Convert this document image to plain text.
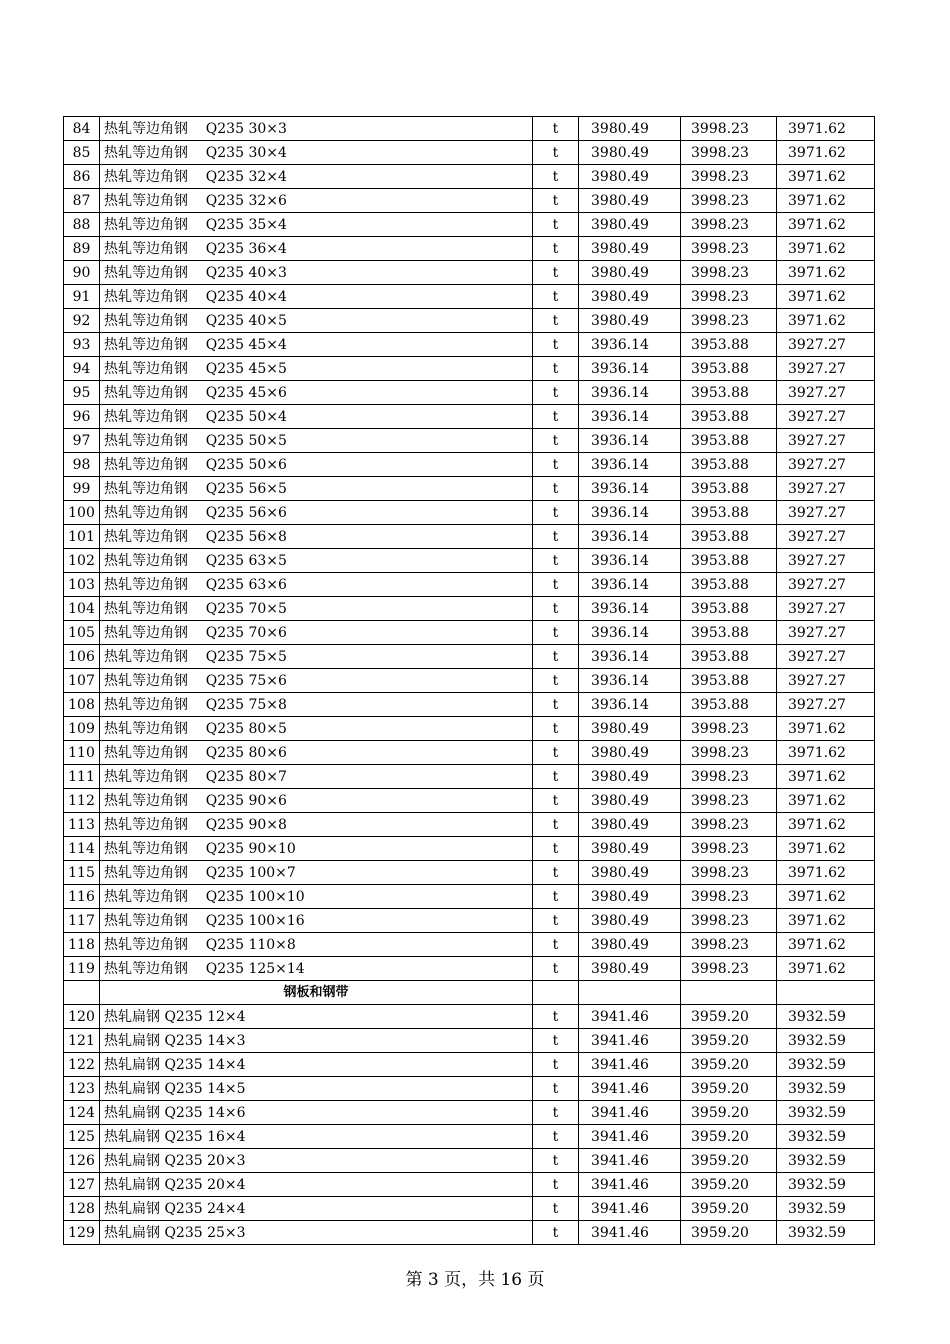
84	热轧等边角钢    Q235 30×3	t	3980.49	3998.23	3971.62
85	热轧等边角钢    Q235 30×4	t	3980.49	3998.23	3971.62
86	热轧等边角钢    Q235 32×4	t	3980.49	3998.23	3971.62
87	热轧等边角钢    Q235 32×6	t	3980.49	3998.23	3971.62
88	热轧等边角钢    Q235 35×4	t	3980.49	3998.23	3971.62
89	热轧等边角钢    Q235 36×4	t	3980.49	3998.23	3971.62
90	热轧等边角钢    Q235 40×3	t	3980.49	3998.23	3971.62
91	热轧等边角钢    Q235 40×4	t	3980.49	3998.23	3971.62
92	热轧等边角钢    Q235 40×5	t	3980.49	3998.23	3971.62
93	热轧等边角钢    Q235 45×4	t	3936.14	3953.88	3927.27
94	热轧等边角钢    Q235 45×5	t	3936.14	3953.88	3927.27
95	热轧等边角钢    Q235 45×6	t	3936.14	3953.88	3927.27
96	热轧等边角钢    Q235 50×4	t	3936.14	3953.88	3927.27
97	热轧等边角钢    Q235 50×5	t	3936.14	3953.88	3927.27
98	热轧等边角钢    Q235 50×6	t	3936.14	3953.88	3927.27
99	热轧等边角钢    Q235 56×5	t	3936.14	3953.88	3927.27
100	热轧等边角钢    Q235 56×6	t	3936.14	3953.88	3927.27
101	热轧等边角钢    Q235 56×8	t	3936.14	3953.88	3927.27
102	热轧等边角钢    Q235 63×5	t	3936.14	3953.88	3927.27
103	热轧等边角钢    Q235 63×6	t	3936.14	3953.88	3927.27
104	热轧等边角钢    Q235 70×5	t	3936.14	3953.88	3927.27
105	热轧等边角钢    Q235 70×6	t	3936.14	3953.88	3927.27
106	热轧等边角钢    Q235 75×5	t	3936.14	3953.88	3927.27
107	热轧等边角钢    Q235 75×6	t	3936.14	3953.88	3927.27
108	热轧等边角钢    Q235 75×8	t	3936.14	3953.88	3927.27
109	热轧等边角钢    Q235 80×5	t	3980.49	3998.23	3971.62
110	热轧等边角钢    Q235 80×6	t	3980.49	3998.23	3971.62
111	热轧等边角钢    Q235 80×7	t	3980.49	3998.23	3971.62
112	热轧等边角钢    Q235 90×6	t	3980.49	3998.23	3971.62
113	热轧等边角钢    Q235 90×8	t	3980.49	3998.23	3971.62
114	热轧等边角钢    Q235 90×10	t	3980.49	3998.23	3971.62
115	热轧等边角钢    Q235 100×7	t	3980.49	3998.23	3971.62
116	热轧等边角钢    Q235 100×10	t	3980.49	3998.23	3971.62
117	热轧等边角钢    Q235 100×16	t	3980.49	3998.23	3971.62
118	热轧等边角钢    Q235 110×8	t	3980.49	3998.23	3971.62
119	热轧等边角钢    Q235 125×14	t	3980.49	3998.23	3971.62
	钢板和钢带				
120	热轧扁钢 Q235 12×4	t	3941.46	3959.20	3932.59
121	热轧扁钢 Q235 14×3	t	3941.46	3959.20	3932.59
122	热轧扁钢 Q235 14×4	t	3941.46	3959.20	3932.59
123	热轧扁钢 Q235 14×5	t	3941.46	3959.20	3932.59
124	热轧扁钢 Q235 14×6	t	3941.46	3959.20	3932.59
125	热轧扁钢 Q235 16×4	t	3941.46	3959.20	3932.59
126	热轧扁钢 Q235 20×3	t	3941.46	3959.20	3932.59
127	热轧扁钢 Q235 20×4	t	3941.46	3959.20	3932.59
128	热轧扁钢 Q235 24×4	t	3941.46	3959.20	3932.59
129	热轧扁钢 Q235 25×3	t	3941.46	3959.20	3932.59
第 3 页，共 16 页
